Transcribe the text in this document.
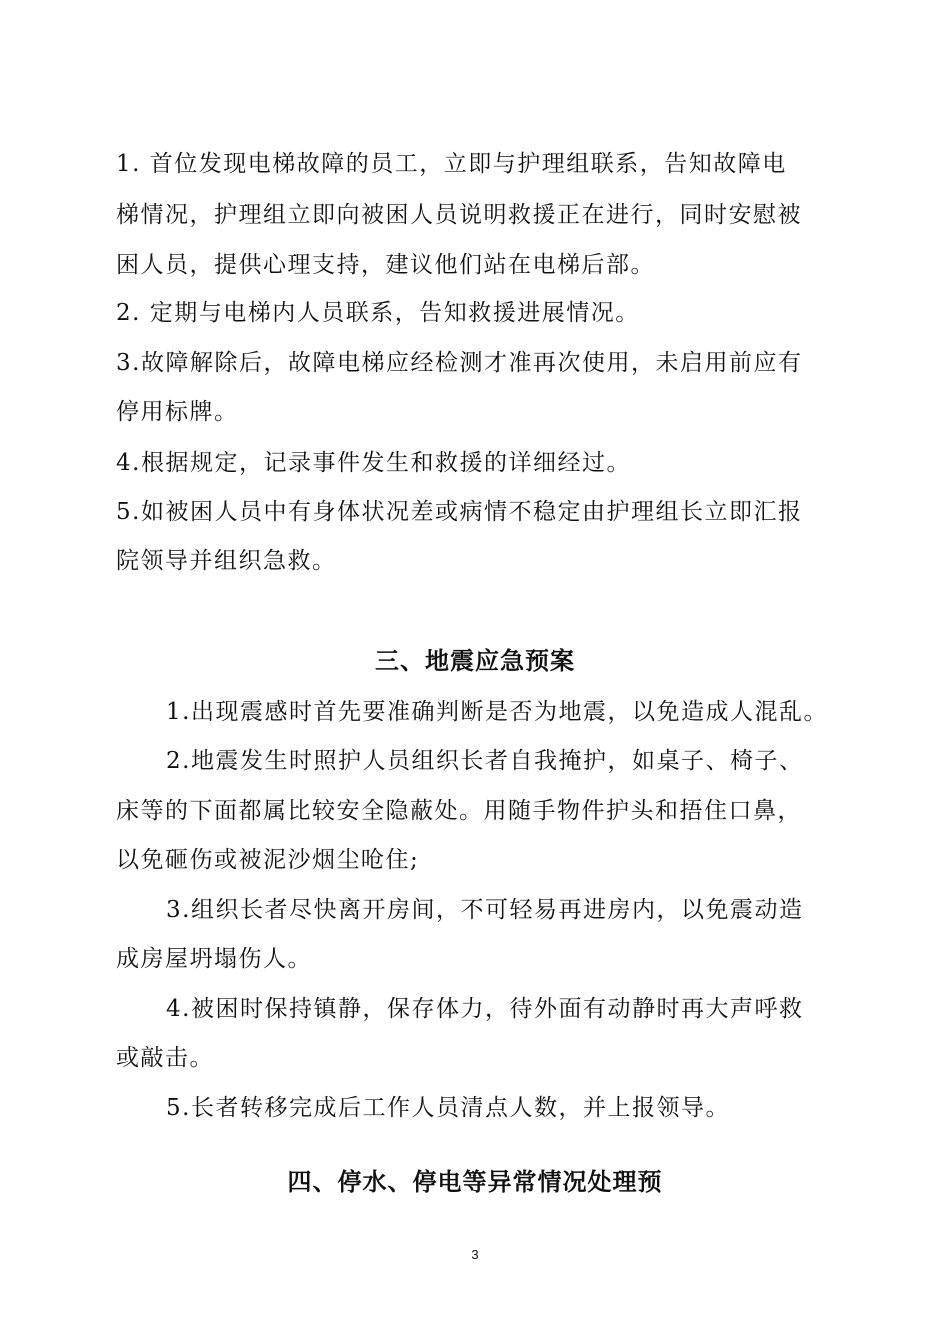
1. 首位发现电梯故障的员工，立即与护理组联系，告知故障电
梯情况，护理组立即向被困人员说明救援正在进行，同时安慰被
困人员，提供心理支持，建议他们站在电梯后部。
2. 定期与电梯内人员联系，告知救援进展情况。
3.故障解除后，故障电梯应经检测才准再次使用，未启用前应有
停用标牌。
4.根据规定，记录事件发生和救援的详细经过。
5.如被困人员中有身体状况差或病情不稳定由护理组长立即汇报
院领导并组织急救。
三、地震应急预案
1.出现震感时首先要准确判断是否为地震，以免造成人混乱。
2.地震发生时照护人员组织长者自我掩护，如桌子、椅子、
床等的下面都属比较安全隐蔽处。用随手物件护头和捂住口鼻，
以免砸伤或被泥沙烟尘呛住;
3.组织长者尽快离开房间，不可轻易再进房内，以免震动造
成房屋坍塌伤人。
4.被困时保持镇静，保存体力，待外面有动静时再大声呼救
或敲击。
5.长者转移完成后工作人员清点人数，并上报领导。
四、停水、停电等异常情况处理预
3
